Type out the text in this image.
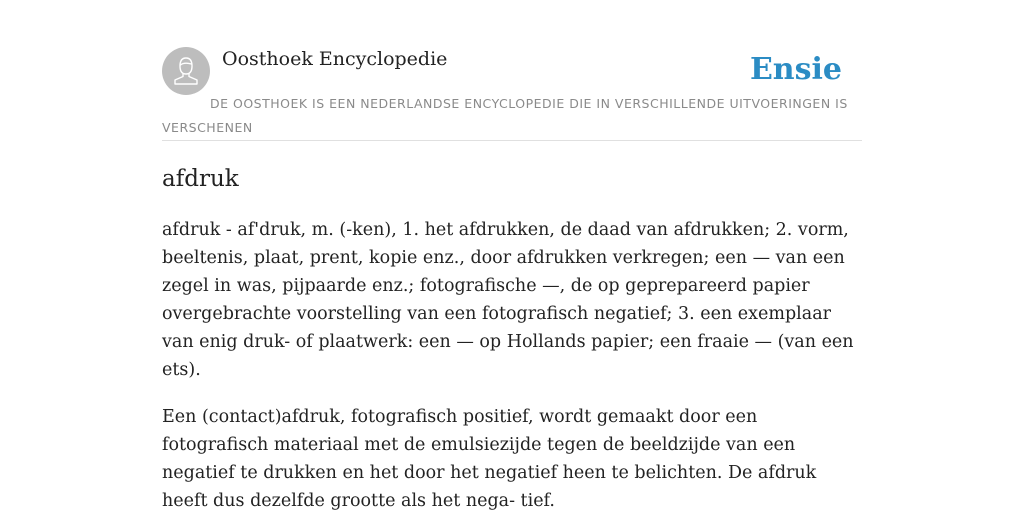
Oosthoek Encyclopedie	Ensie
DE OOSTHOEK IS EEN NEDERLANDSE ENCYCLOPEDIE DIE IN VERSCHILLENDE UITVOERINGEN IS VERSCHENEN
afdruk

afdruk - af'druk, m. (-ken), 1. het afdrukken, de daad van afdrukken; 2. vorm, beeltenis, plaat, prent, kopie enz., door afdrukken verkregen; een — van een zegel in was, pijpaarde enz.; fotografische —, de op geprepareerd papier overgebrachte voorstelling van een fotografisch negatief; 3. een exemplaar van enig druk- of plaatwerk: een — op Hollands papier; een fraaie — (van een ets).

Een (contact)afdruk, fotografisch positief, wordt gemaakt door een fotografisch materiaal met de emulsiezijde tegen de beeldzijde van een negatief te drukken en het door het negatief heen te belichten. De afdruk heeft dus dezelfde grootte als het nega- tief.
